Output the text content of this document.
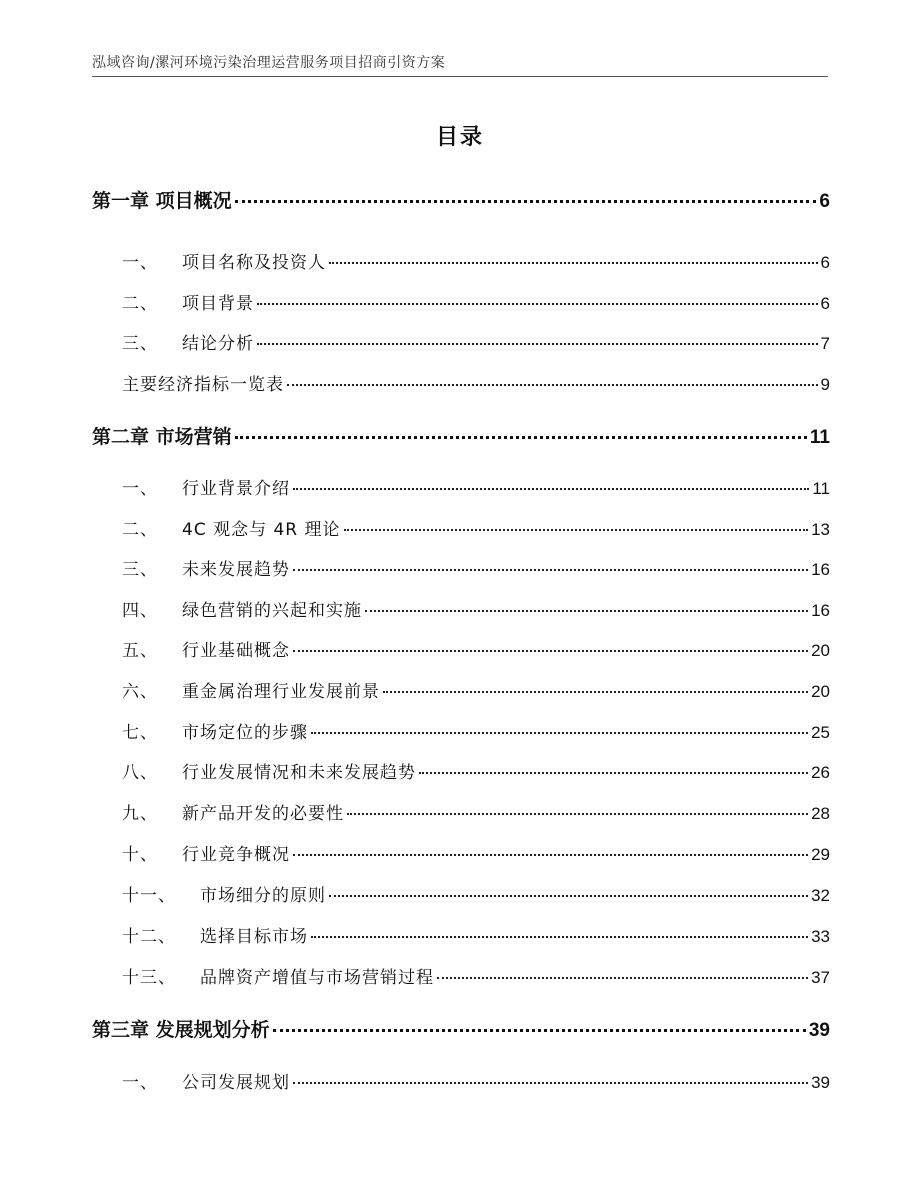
泓域咨询/漯河环境污染治理运营服务项目招商引资方案
目录
第一章 项目概况	6
一、 项目名称及投资人	6
二、 项目背景	6
三、 结论分析	7
主要经济指标一览表	9
第二章 市场营销	11
一、 行业背景介绍	11
二、 4C 观念与 4R 理论	13
三、 未来发展趋势	16
四、 绿色营销的兴起和实施	16
五、 行业基础概念	20
六、 重金属治理行业发展前景	20
七、 市场定位的步骤	25
八、 行业发展情况和未来发展趋势	26
九、 新产品开发的必要性	28
十、 行业竞争概况	29
十一、 市场细分的原则	32
十二、 选择目标市场	33
十三、 品牌资产增值与市场营销过程	37
第三章 发展规划分析	39
一、 公司发展规划	39
